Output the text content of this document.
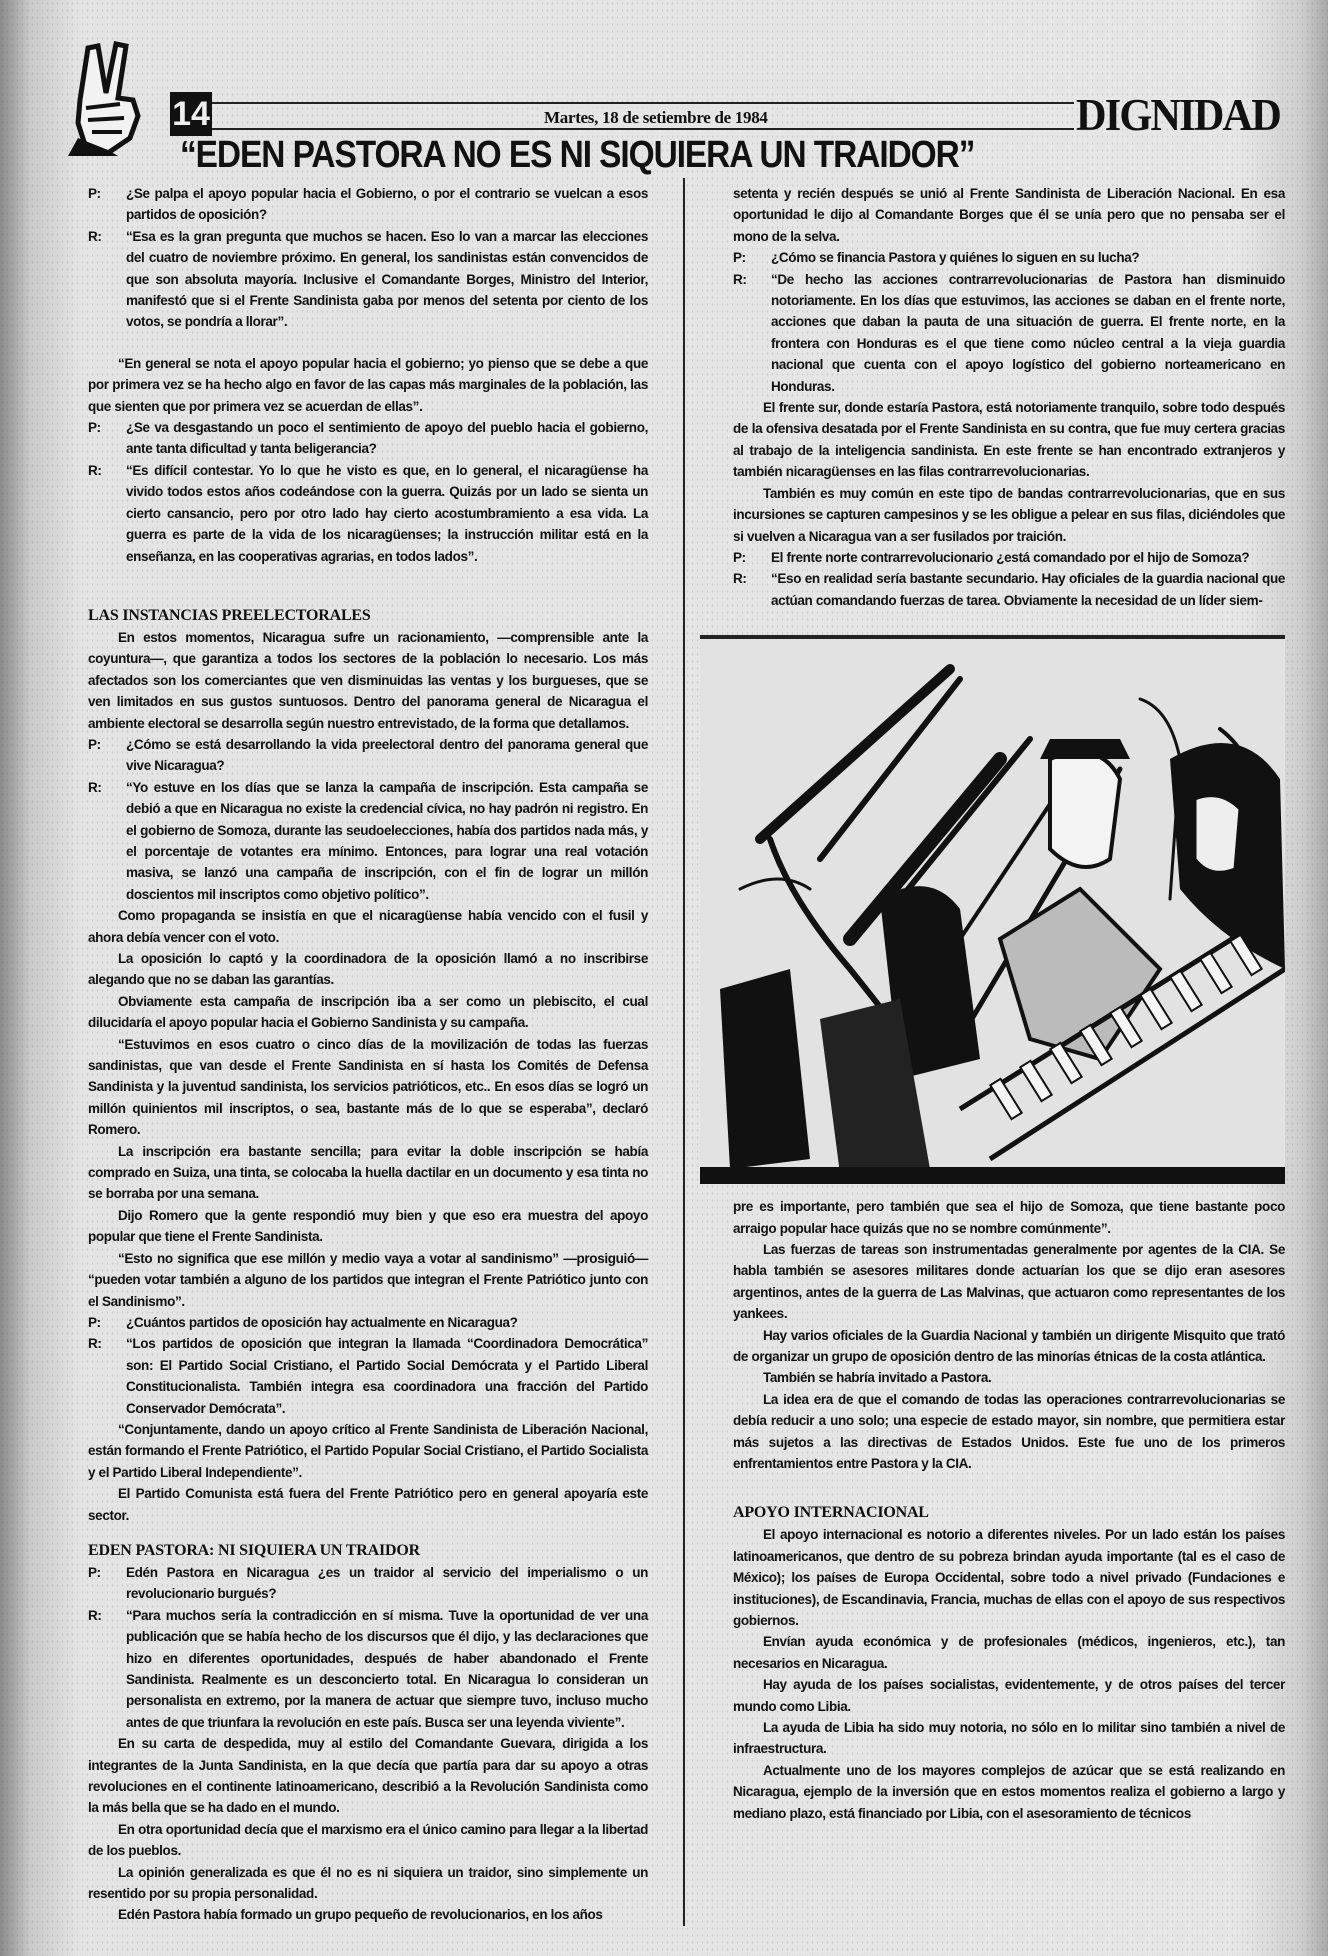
14	Martes, 18 de setiembre de 1984	DIGNIDAD
“EDEN PASTORA NO ES NI SIQUIERA UN TRAIDOR”

P: ¿Se palpa el apoyo popular hacia el Gobierno, o por el contrario se vuelcan a esos partidos de oposición?

R: “Esa es la gran pregunta que muchos se hacen. Eso lo van a marcar las elecciones del cuatro de noviembre próximo. En general, los sandinistas están convencidos de que son absoluta mayoría. Inclusive el Comandante Borges, Ministro del Interior, manifestó que si el Frente Sandinista gaba por menos del setenta por ciento de los votos, se pondría a llorar”.

“En general se nota el apoyo popular hacia el gobierno; yo pienso que se debe a que por primera vez se ha hecho algo en favor de las capas más marginales de la población, las que sienten que por primera vez se acuerdan de ellas”.

P: ¿Se va desgastando un poco el sentimiento de apoyo del pueblo hacia el gobierno, ante tanta dificultad y tanta beligerancia?

R: “Es difícil contestar. Yo lo que he visto es que, en lo general, el nicaragüense ha vivido todos estos años codeándose con la guerra. Quizás por un lado se sienta un cierto cansancio, pero por otro lado hay cierto acostumbramiento a esa vida. La guerra es parte de la vida de los nicaragüenses; la instrucción militar está en la enseñanza, en las cooperativas agrarias, en todos lados”.

LAS INSTANCIAS PREELECTORALES

En estos momentos, Nicaragua sufre un racionamiento, —comprensible ante la coyuntura—, que garantiza a todos los sectores de la población lo necesario. Los más afectados son los comerciantes que ven disminuidas las ventas y los burgueses, que se ven limitados en sus gustos suntuosos. Dentro del panorama general de Nicaragua el ambiente electoral se desarrolla según nuestro entrevistado, de la forma que detallamos.

P: ¿Cómo se está desarrollando la vida preelectoral dentro del panorama general que vive Nicaragua?

R: “Yo estuve en los días que se lanza la campaña de inscripción. Esta campaña se debió a que en Nicaragua no existe la credencial cívica, no hay padrón ni registro. En el gobierno de Somoza, durante las seudoelecciones, había dos partidos nada más, y el porcentaje de votantes era mínimo. Entonces, para lograr una real votación masiva, se lanzó una campaña de inscripción, con el fin de lograr un millón doscientos mil inscriptos como objetivo político”.

Como propaganda se insistía en que el nicaragüense había vencido con el fusil y ahora debía vencer con el voto.

La oposición lo captó y la coordinadora de la oposición llamó a no inscribirse alegando que no se daban las garantías.

Obviamente esta campaña de inscripción iba a ser como un plebiscito, el cual dilucidaría el apoyo popular hacia el Gobierno Sandinista y su campaña.

“Estuvimos en esos cuatro o cinco días de la movilización de todas las fuerzas sandinistas, que van desde el Frente Sandinista en sí hasta los Comités de Defensa Sandinista y la juventud sandinista, los servicios patrióticos, etc.. En esos días se logró un millón quinientos mil inscriptos, o sea, bastante más de lo que se esperaba”, declaró Romero.

La inscripción era bastante sencilla; para evitar la doble inscripción se había comprado en Suiza, una tinta, se colocaba la huella dactilar en un documento y esa tinta no se borraba por una semana.

Dijo Romero que la gente respondió muy bien y que eso era muestra del apoyo popular que tiene el Frente Sandinista.

“Esto no significa que ese millón y medio vaya a votar al sandinismo” —prosiguió— “pueden votar también a alguno de los partidos que integran el Frente Patriótico junto con el Sandinismo”.

P: ¿Cuántos partidos de oposición hay actualmente en Nicaragua?

R: “Los partidos de oposición que integran la llamada “Coordinadora Democrática” son: El Partido Social Cristiano, el Partido Social Demócrata y el Partido Liberal Constitucionalista. También integra esa coordinadora una fracción del Partido Conservador Demócrata”.

“Conjuntamente, dando un apoyo crítico al Frente Sandinista de Liberación Nacional, están formando el Frente Patriótico, el Partido Popular Social Cristiano, el Partido Socialista y el Partido Liberal Independiente”.

El Partido Comunista está fuera del Frente Patriótico pero en general apoyaría este sector.

EDEN PASTORA: NI SIQUIERA UN TRAIDOR

P: Edén Pastora en Nicaragua ¿es un traidor al servicio del imperialismo o un revolucionario burgués?

R: “Para muchos sería la contradicción en sí misma. Tuve la oportunidad de ver una publicación que se había hecho de los discursos que él dijo, y las declaraciones que hizo en diferentes oportunidades, después de haber abandonado el Frente Sandinista. Realmente es un desconcierto total. En Nicaragua lo consideran un personalista en extremo, por la manera de actuar que siempre tuvo, incluso mucho antes de que triunfara la revolución en este país. Busca ser una leyenda viviente”.

En su carta de despedida, muy al estilo del Comandante Guevara, dirigida a los integrantes de la Junta Sandinista, en la que decía que partía para dar su apoyo a otras revoluciones en el continente latinoamericano, describió a la Revolución Sandinista como la más bella que se ha dado en el mundo.

En otra oportunidad decía que el marxismo era el único camino para llegar a la libertad de los pueblos.

La opinión generalizada es que él no es ni siquiera un traidor, sino simplemente un resentido por su propia personalidad.

Edén Pastora había formado un grupo pequeño de revolucionarios, en los años

setenta y recién después se unió al Frente Sandinista de Liberación Nacional. En esa oportunidad le dijo al Comandante Borges que él se unía pero que no pensaba ser el mono de la selva.

P: ¿Cómo se financia Pastora y quiénes lo siguen en su lucha?

R: “De hecho las acciones contrarrevolucionarias de Pastora han disminuido notoriamente. En los días que estuvimos, las acciones se daban en el frente norte, acciones que daban la pauta de una situación de guerra. El frente norte, en la frontera con Honduras es el que tiene como núcleo central a la vieja guardia nacional que cuenta con el apoyo logístico del gobierno norteamericano en Honduras.

El frente sur, donde estaría Pastora, está notoriamente tranquilo, sobre todo después de la ofensiva desatada por el Frente Sandinista en su contra, que fue muy certera gracias al trabajo de la inteligencia sandinista. En este frente se han encontrado extranjeros y también nicaragüenses en las filas contrarrevolucionarias.

También es muy común en este tipo de bandas contrarrevolucionarias, que en sus incursiones se capturen campesinos y se les obligue a pelear en sus filas, diciéndoles que si vuelven a Nicaragua van a ser fusilados por traición.

P: El frente norte contrarrevolucionario ¿está comandado por el hijo de Somoza?

R: “Eso en realidad sería bastante secundario. Hay oficiales de la guardia nacional que actúan comandando fuerzas de tarea. Obviamente la necesidad de un líder siem-

pre es importante, pero también que sea el hijo de Somoza, que tiene bastante poco arraigo popular hace quizás que no se nombre comúnmente”.

Las fuerzas de tareas son instrumentadas generalmente por agentes de la CIA. Se habla también se asesores militares donde actuarían los que se dijo eran asesores argentinos, antes de la guerra de Las Malvinas, que actuaron como representantes de los yankees.

Hay varios oficiales de la Guardia Nacional y también un dirigente Misquito que trató de organizar un grupo de oposición dentro de las minorías étnicas de la costa atlántica.

También se habría invitado a Pastora.

La idea era de que el comando de todas las operaciones contrarrevolucionarias se debía reducir a uno solo; una especie de estado mayor, sin nombre, que permitiera estar más sujetos a las directivas de Estados Unidos. Este fue uno de los primeros enfrentamientos entre Pastora y la CIA.

APOYO INTERNACIONAL

El apoyo internacional es notorio a diferentes niveles. Por un lado están los países latinoamericanos, que dentro de su pobreza brindan ayuda importante (tal es el caso de México); los países de Europa Occidental, sobre todo a nivel privado (Fundaciones e instituciones), de Escandinavia, Francia, muchas de ellas con el apoyo de sus respectivos gobiernos.

Envían ayuda económica y de profesionales (médicos, ingenieros, etc.), tan necesarios en Nicaragua.

Hay ayuda de los países socialistas, evidentemente, y de otros países del tercer mundo como Libia.

La ayuda de Libia ha sido muy notoria, no sólo en lo militar sino también a nivel de infraestructura.

Actualmente uno de los mayores complejos de azúcar que se está realizando en Nicaragua, ejemplo de la inversión que en estos momentos realiza el gobierno a largo y mediano plazo, está financiado por Libia, con el asesoramiento de técnicos
